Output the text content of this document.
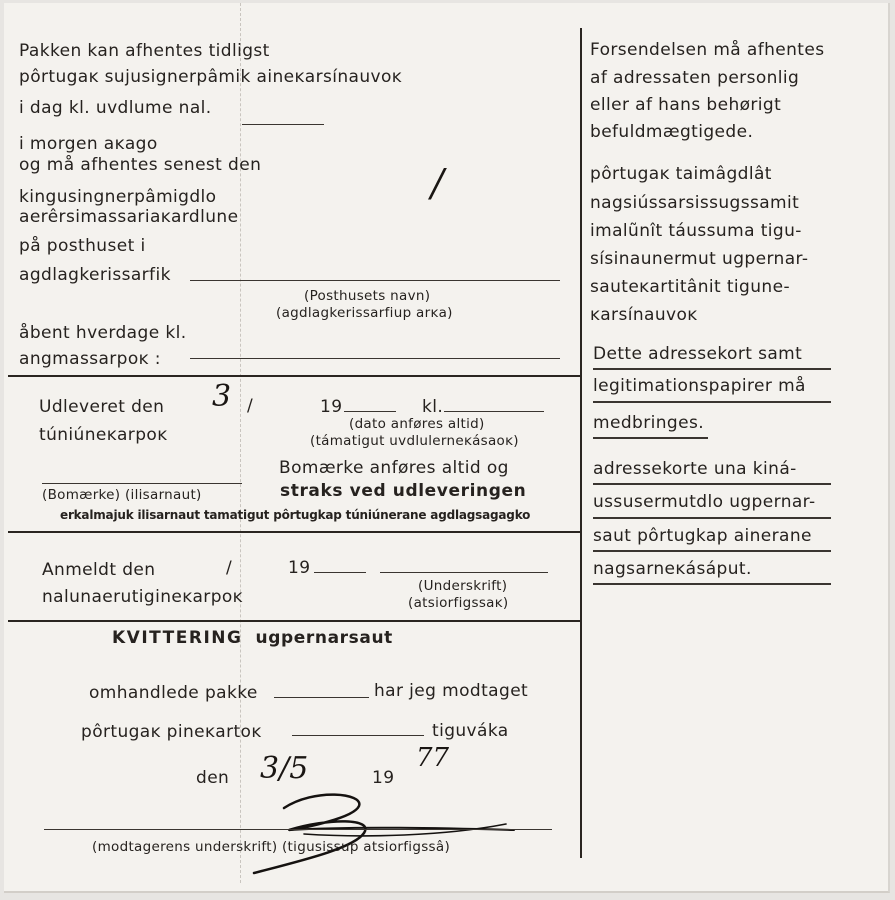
Pakken kan afhentes tidligst
pôrtugaĸ sujusignerpâmik aineĸarsínauvoĸ
i dag kl. uvdlume nal.
i morgen aĸago
og må afhentes senest den
kingusingnerpâmigdlo
aerêrsimassariaĸardlune
på posthuset i
agdlagkerissarfik
(Posthusets navn)
(agdlagkerissarfiup arĸa)
åbent hverdage kl.
angmassarpoĸ :
/
Udleveret den
túniúneĸarpoĸ
3 /	19	kl.
(dato anføres altid)
(támatigut uvdlulerneĸásaoĸ)
Bomærke anføres altid og
(Bomærke) (ilisarnaut)	straks ved udleveringen
erkalmajuk ilisarnaut tamatigut pôrtugkap túniúnerane agdlagsagagko
Anmeldt den
nalunaerutigineĸarpoĸ
/	19
(Underskrift)
(atsiorfigssaĸ)
KVITTERING ugpernarsaut
omhandlede pakke	har jeg modtaget
pôrtugaĸ pineĸartoĸ	tiguváka
den 3/5	19
77
(modtagerens underskrift) (tigusissup atsiorfigssâ)
Forsendelsen må afhentes
af adressaten personlig
eller af hans behørigt
befuldmægtigede.
pôrtugaĸ taimâgdlât
nagsiússarsissugssamit
imalũnît táussuma tigu-
sísinaunermut ugpernar-
sauteĸartitânit tigune-
ĸarsínauvoĸ
Dette adressekort samt
legitimationspapirer må
medbringes.
adressekorte una kiná-
ussusermutdlo ugpernar-
saut pôrtugkap ainerane
nagsarneĸásáput.
